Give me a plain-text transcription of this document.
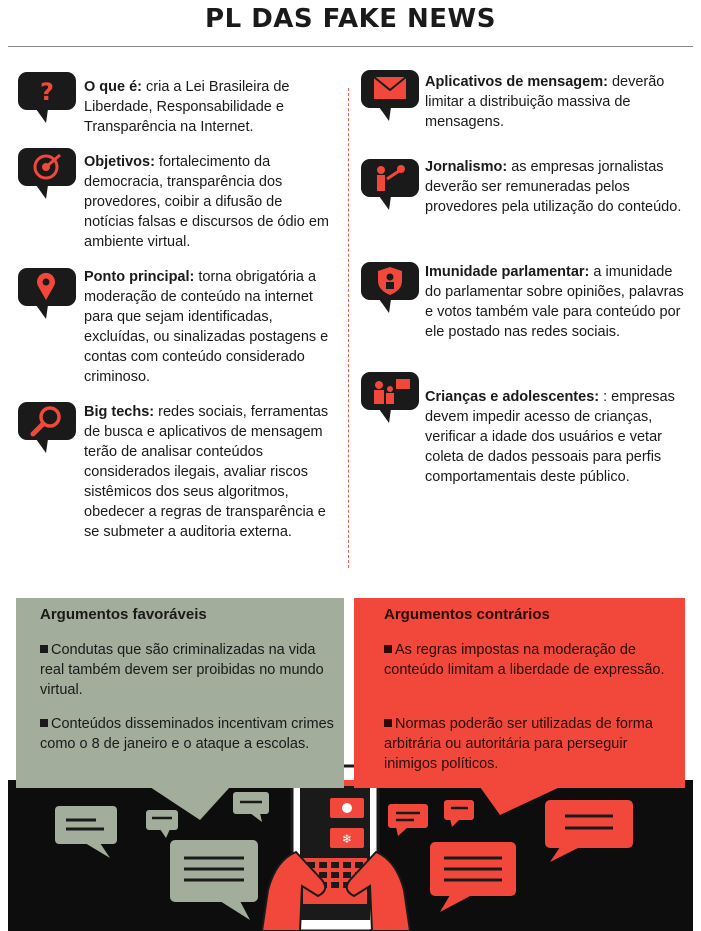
PL DAS FAKE NEWS
? O que é: cria a Lei Brasileira de Liberdade, Responsabilidade e Transparência na Internet.
Objetivos: fortalecimento da democracia, transparência dos provedores, coibir a difusão de notícias falsas e discursos de ódio em ambiente virtual.
Ponto principal: torna obrigatória a moderação de conteúdo na internet para que sejam identificadas, excluídas, ou sinalizadas postagens e contas com conteúdo considerado criminoso.
Big techs: redes sociais, ferramentas de busca e aplicativos de mensagem terão de analisar conteúdos considerados ilegais, avaliar riscos sistêmicos dos seus algoritmos, obedecer a regras de transparência e se submeter a auditoria externa.
Aplicativos de mensagem: deverão limitar a distribuição massiva de mensagens.
Jornalismo: as empresas jornalistas deverão ser remuneradas pelos provedores pela utilização do conteúdo.
Imunidade parlamentar: a imunidade do parlamentar sobre opiniões, palavras e votos também vale para conteúdo por ele postado nas redes sociais.
Crianças e adolescentes: : empresas devem impedir acesso de crianças, verificar a idade dos usuários e vetar coleta de dados pessoais para perfis comportamentais deste público.
❄
Argumentos favoráveis
Condutas que são criminalizadas na vida real também devem ser proibidas no mundo virtual.
Conteúdos disseminados incentivam crimes como o 8 de janeiro e o ataque a escolas.
Argumentos contrários
As regras impostas na moderação de conteúdo limitam a liberdade de expressão.
Normas poderão ser utilizadas de forma arbitrária ou autoritária para perseguir inimigos políticos.
